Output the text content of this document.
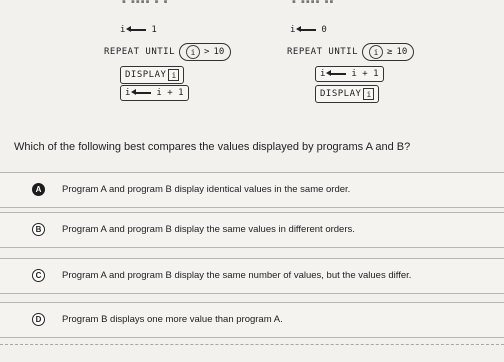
▪ ▪▪▪▪ ▪ ▪	▪ ▪▪▪▪ ▪▪
i	1
REPEAT UNTIL	i > 10
DISPLAY i
i	i + 1
i	0
REPEAT UNTIL	i ≥ 10
i	i + 1
DISPLAY i
Which of the following best compares the values displayed by programs A and B?
A	Program A and program B display identical values in the same order.
B	Program A and program B display the same values in different orders.
C	Program A and program B display the same number of values, but the values differ.
D	Program B displays one more value than program A.
